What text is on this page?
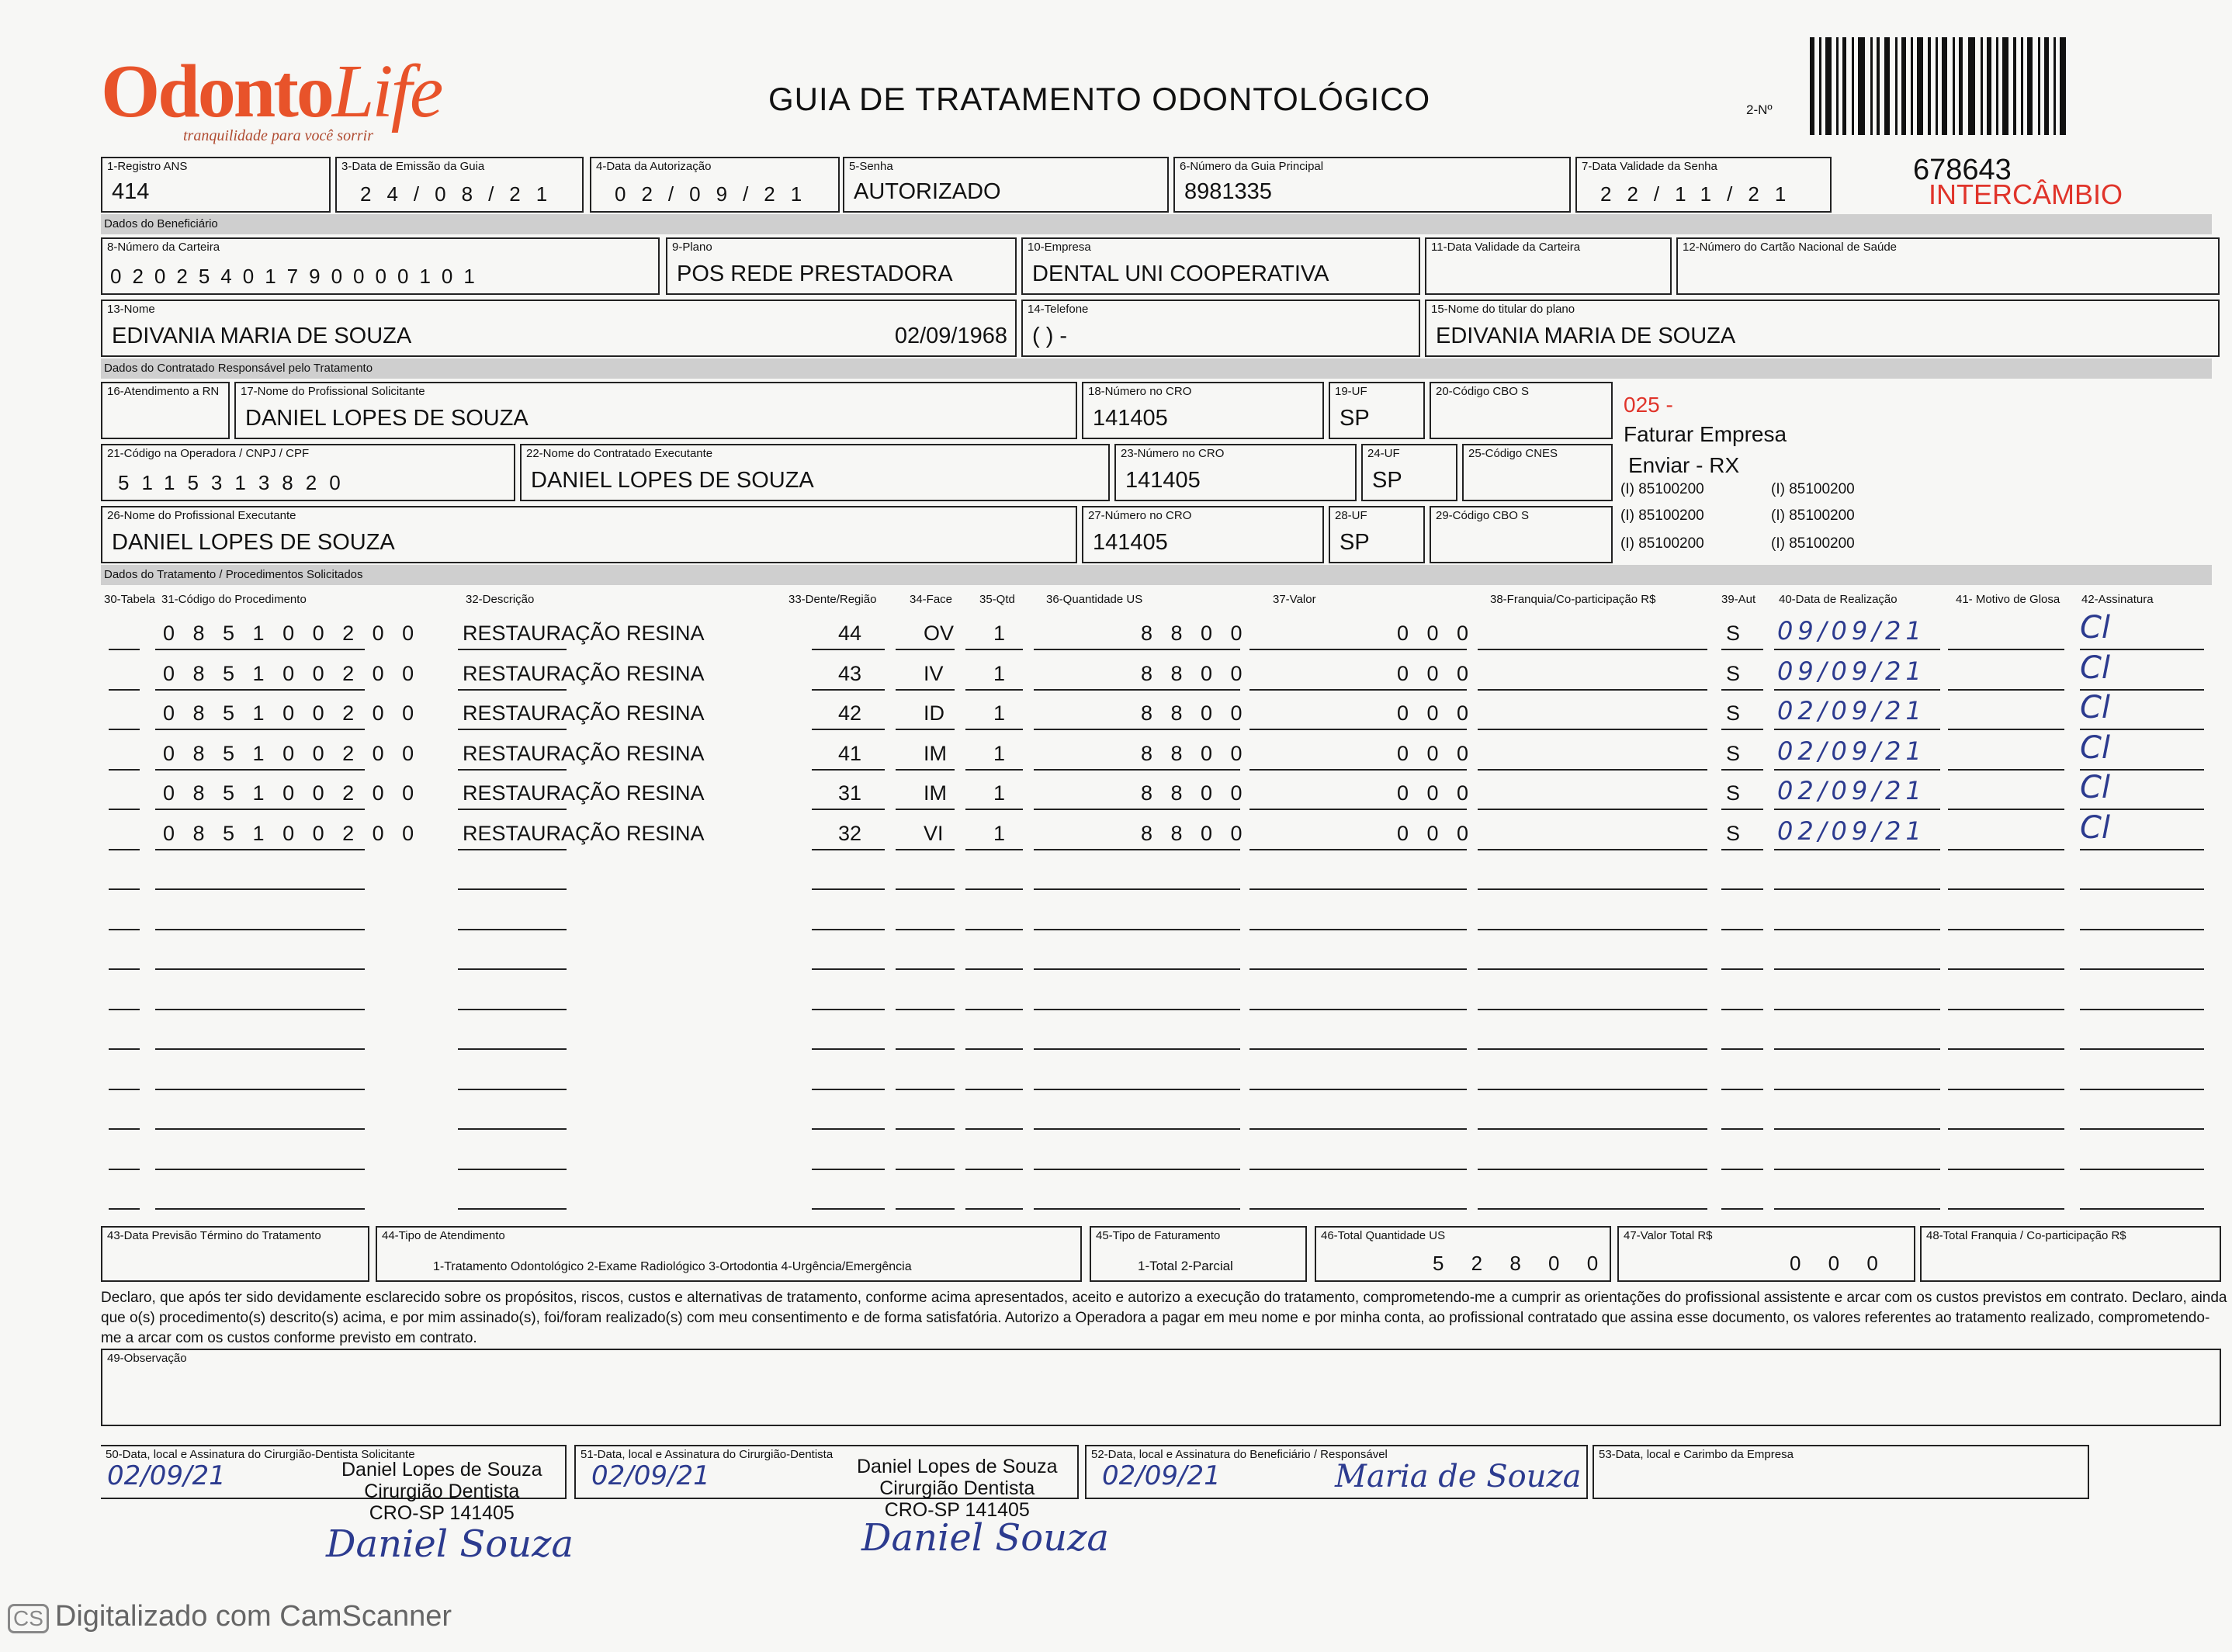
OdontoLife
tranquilidade para você sorrir
GUIA DE TRATAMENTO ODONTOLÓGICO	2-Nº
678643
INTERCÂMBIO
1-Registro ANS
414
3-Data de Emissão da Guia
24/08/21
4-Data da Autorização
02/09/21
5-Senha
AUTORIZADO
6-Número da Guia Principal
8981335
7-Data Validade da Senha
22/11/21
Dados do Beneficiário
8-Número da Carteira
02025401790000101
9-Plano
POS REDE PRESTADORA
10-Empresa
DENTAL UNI COOPERATIVA
11-Data Validade da Carteira	12-Número do Cartão Nacional de Saúde
13-Nome
EDIVANIA MARIA DE SOUZA	02/09/1968
14-Telefone
( ) -
15-Nome do titular do plano
EDIVANIA MARIA DE SOUZA
Dados do Contratado Responsável pelo Tratamento
16-Atendimento a RN 17-Nome do Profissional Solicitante
DANIEL LOPES DE SOUZA
18-Número no CRO
141405
19-UF
SP
20-Código CBO S
21-Código na Operadora / CNPJ / CPF
5115313820
22-Nome do Contratado Executante
DANIEL LOPES DE SOUZA
23-Número no CRO
141405
24-UF
SP
25-Código CNES
26-Nome do Profissional Executante
DANIEL LOPES DE SOUZA
27-Número no CRO
141405
28-UF
SP
29-Código CBO S
025 -
Faturar Empresa
Enviar - RX
(I) 85100200	(I) 85100200
(I) 85100200	(I) 85100200
(I) 85100200	(I) 85100200
Dados do Tratamento / Procedimentos Solicitados
30-Tabela 31-Código do Procedimento	32-Descrição	33-Dente/Região	34-Face 35-Qtd	36-Quantidade US	37-Valor	38-Franquia/Co-participação R$	39-Aut 40-Data de Realização	41- Motivo de Glosa 42-Assinatura
0 8 5 1 0 0 2 0 0 RESTAURAÇÃO RESINA	44	OV 1	8 8 0 0	0 0 0	S 09/09/21	Cl
0 8 5 1 0 0 2 0 0 RESTAURAÇÃO RESINA	43	IV 1	8 8 0 0	0 0 0	S 09/09/21	Cl
0 8 5 1 0 0 2 0 0 RESTAURAÇÃO RESINA	42	ID 1	8 8 0 0	0 0 0	S 02/09/21	Cl
0 8 5 1 0 0 2 0 0 RESTAURAÇÃO RESINA	41	IM 1	8 8 0 0	0 0 0	S 02/09/21	Cl
0 8 5 1 0 0 2 0 0 RESTAURAÇÃO RESINA	31	IM 1	8 8 0 0	0 0 0	S 02/09/21	Cl
0 8 5 1 0 0 2 0 0 RESTAURAÇÃO RESINA	32	VI 1	8 8 0 0	0 0 0	S 02/09/21	Cl
43-Data Previsão Término do Tratamento	44-Tipo de Atendimento
1-Tratamento Odontológico 2-Exame Radiológico 3-Ortodontia 4-Urgência/Emergência
45-Tipo de Faturamento
1-Total 2-Parcial
46-Total Quantidade US
5 2 8 0 0
47-Valor Total R$
0 0 0
48-Total Franquia / Co-participação R$
Declaro, que após ter sido devidamente esclarecido sobre os propósitos, riscos, custos e alternativas de tratamento, conforme acima apresentados, aceito e autorizo a execução do tratamento, comprometendo-me a cumprir as orientações do profissional assistente e arcar com os custos previstos em contrato. Declaro, ainda que o(s) procedimento(s) descrito(s) acima, e por mim assinado(s), foi/foram realizado(s) com meu consentimento e de forma satisfatória. Autorizo a Operadora a pagar em meu nome e por minha conta, ao profissional contratado que assina esse documento, os valores referentes ao tratamento realizado, comprometendo-me a arcar com os custos conforme previsto em contrato.
49-Observação
50-Data, local e Assinatura do Cirurgião-Dentista Solicitante
02/09/21
51-Data, local e Assinatura do Cirurgião-Dentista
02/09/21
52-Data, local e Assinatura do Beneficiário / Responsável
02/09/21
53-Data, local e Carimbo da Empresa
Daniel Lopes de Souza
Cirurgião Dentista
CRO-SP 141405
Daniel Lopes de Souza
Cirurgião Dentista
CRO-SP 141405
Daniel Souza	Daniel Souza
Maria de Souza
CS Digitalizado com CamScanner
